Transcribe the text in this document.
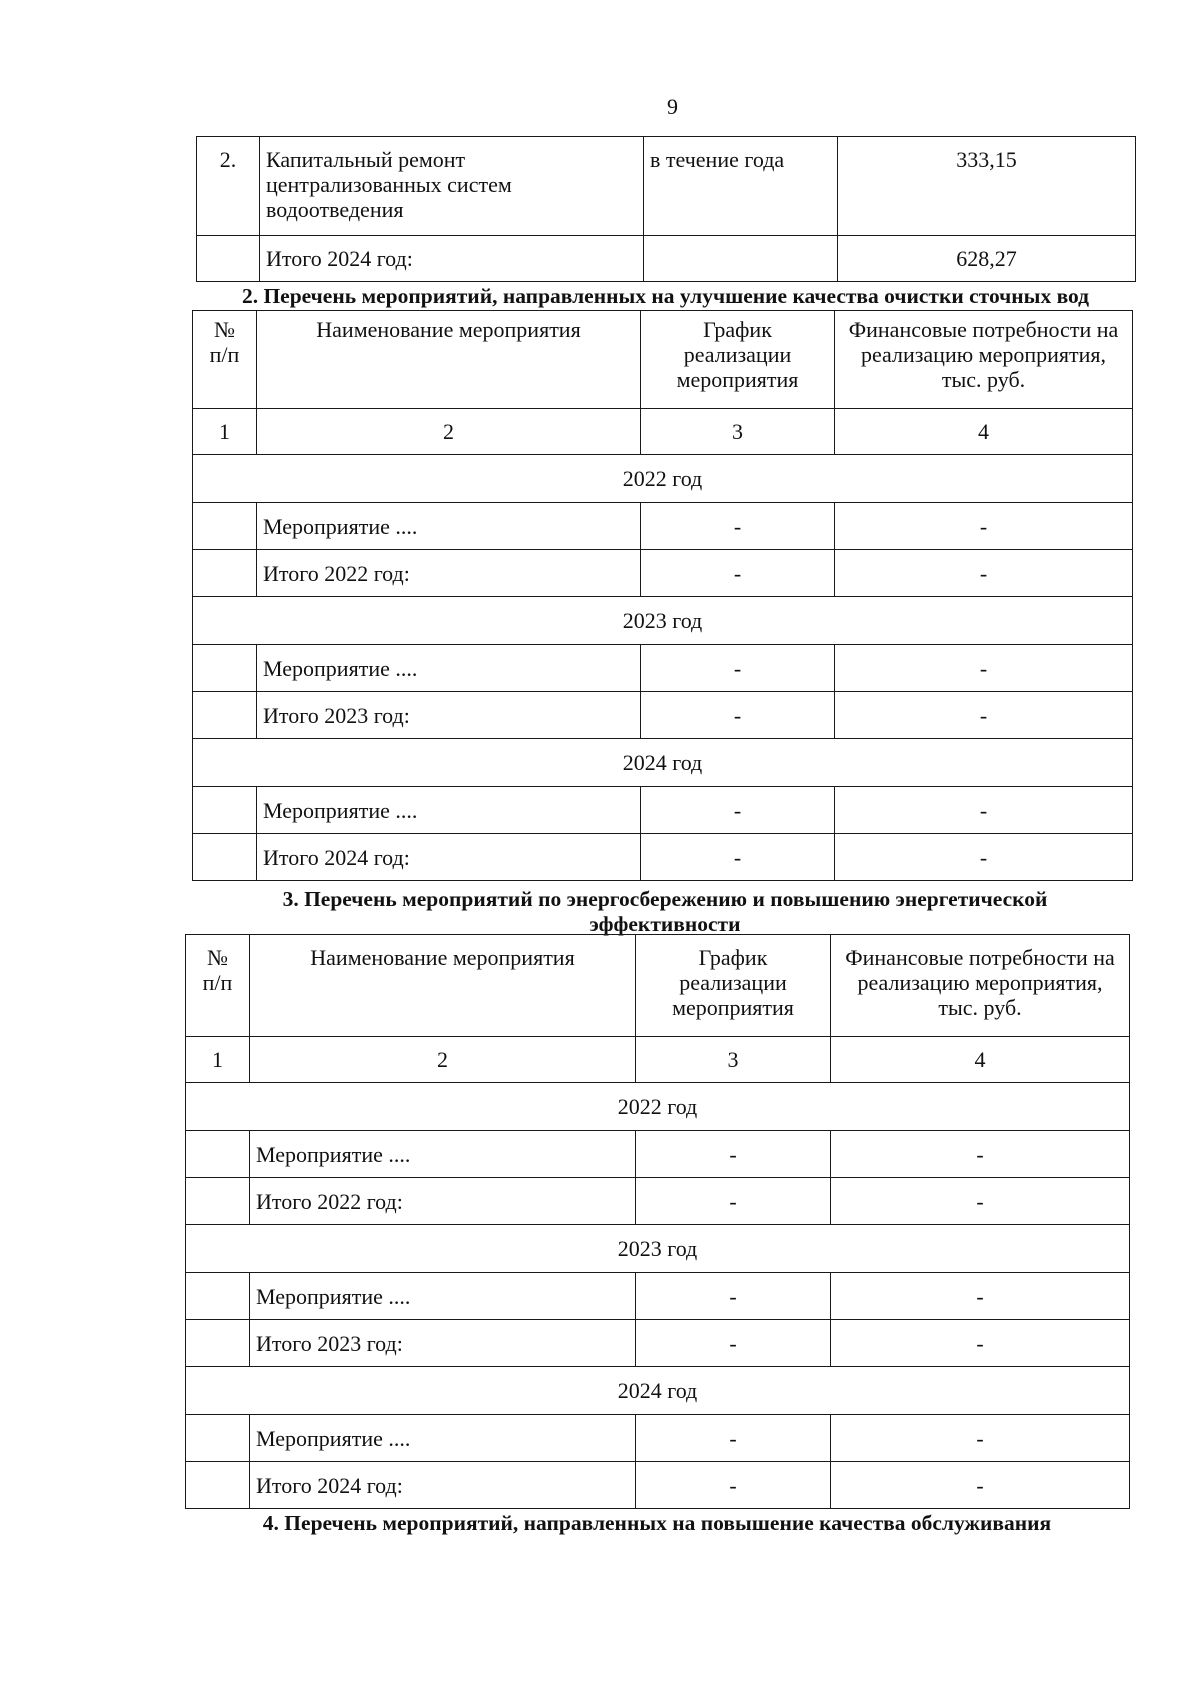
9
2.	Капитальный ремонт централизованных систем водоотведения	в течение года	333,15
	Итого 2024 год:		628,27
2. Перечень мероприятий, направленных на улучшение качества очистки сточных вод
№ п/п	Наименование мероприятия	График реализации мероприятия	Финансовые потребности на реализацию мероприятия, тыс. руб.
1	2	3	4
2022 год			
	Мероприятие ....	-	-
	Итого 2022 год:	-	-
2023 год			
	Мероприятие ....	-	-
	Итого 2023 год:	-	-
2024 год			
	Мероприятие ....	-	-
	Итого 2024 год:	-	-
3. Перечень мероприятий по энергосбережению и повышению энергетической эффективности
№ п/п	Наименование мероприятия	График реализации мероприятия	Финансовые потребности на реализацию мероприятия, тыс. руб.
1	2	3	4
2022 год			
	Мероприятие ....	-	-
	Итого 2022 год:	-	-
2023 год			
	Мероприятие ....	-	-
	Итого 2023 год:	-	-
2024 год			
	Мероприятие ....	-	-
	Итого 2024 год:	-	-
4. Перечень мероприятий, направленных на повышение качества обслуживания
